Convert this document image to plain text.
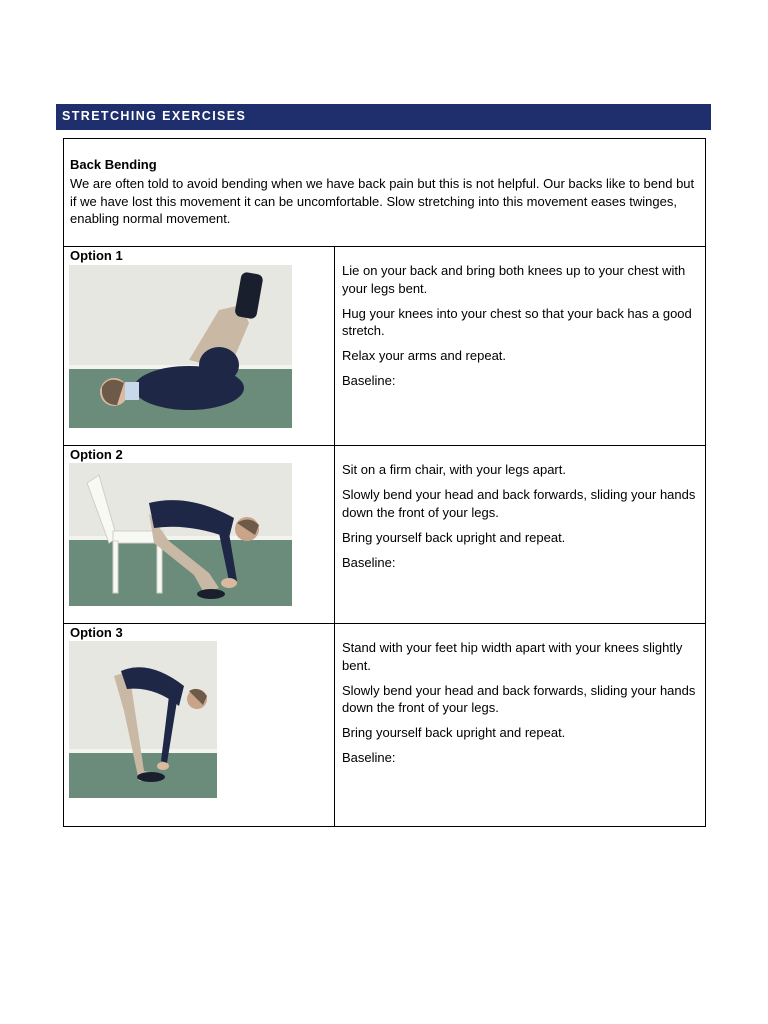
STRETCHING EXERCISES
Back Bending
We are often told to avoid bending when we have back pain but this is not helpful. Our backs like to bend but if we have lost this movement it can be uncomfortable. Slow stretching into this movement eases twinges, enabling normal movement.
Option 1

Lie on your back and bring both knees up to your chest with your legs bent.

Hug your knees into your chest so that your back has a good stretch.

Relax your arms and repeat.

Baseline:

Option 2

Sit on a firm chair, with your legs apart.

Slowly bend your head and back forwards, sliding your hands down the front of your legs.

Bring yourself back upright and repeat.

Baseline:

Option 3

Stand with your feet hip width apart with your knees slightly bent.

Slowly bend your head and back forwards, sliding your hands down the front of your legs.

Bring yourself back upright and repeat.

Baseline:
